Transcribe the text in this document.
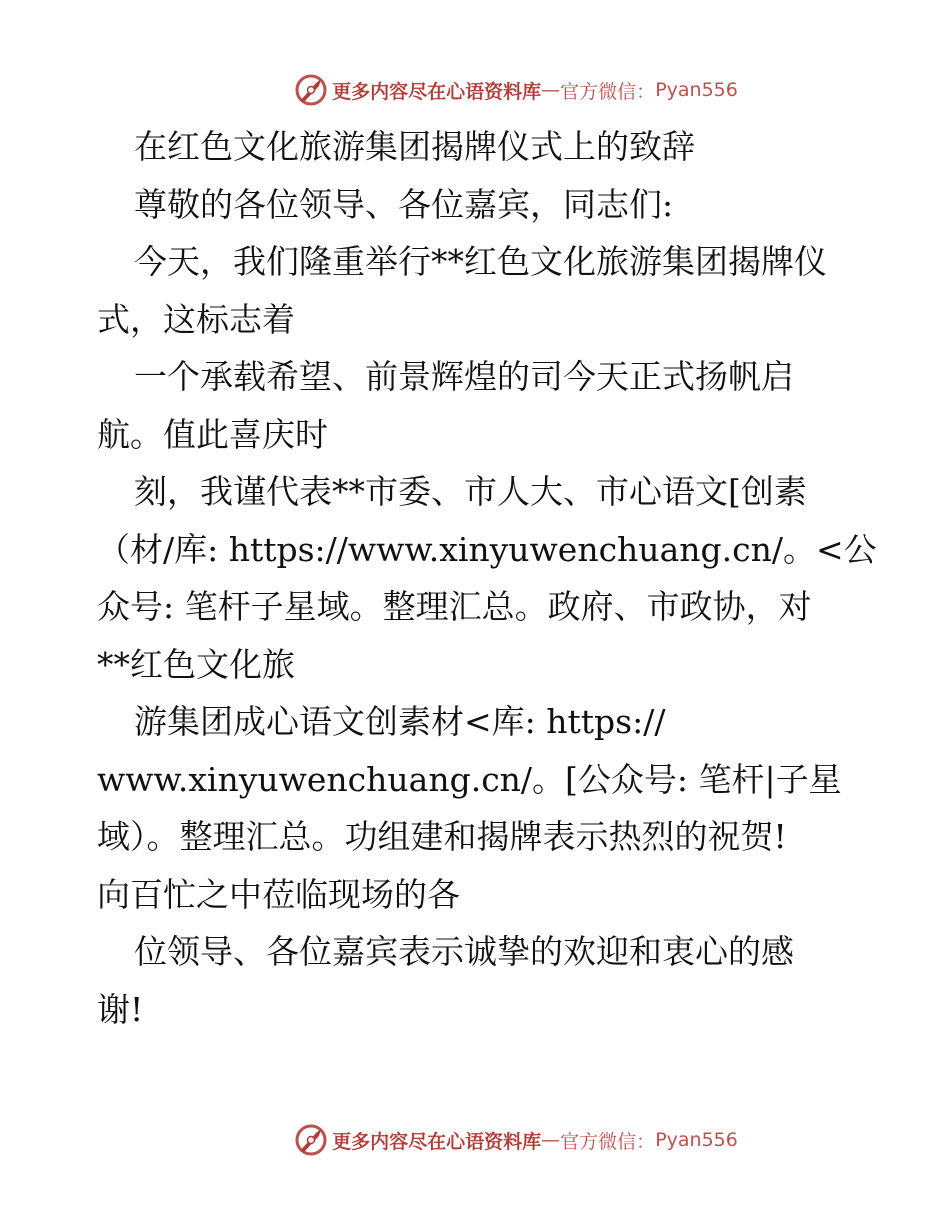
更多内容尽在心语资料库 — 官方微信： Pyan556

在红色文化旅游集团揭牌仪式上的致辞

尊敬的各位领导、各位嘉宾，同志们:

今天，我们隆重举行**红色文化旅游集团揭牌仪

式，这标志着

一个承载希望、前景辉煌的司今天正式扬帆启

航。值此喜庆时

刻，我谨代表**市委、市人大、市心语文[创素

（材/库: https://www.xinyuwenchuang.cn/。<公

众号: 笔杆子星域。整理汇总。政府、市政协，对

**红色文化旅

游集团成心语文创素材<库: https://

www.xinyuwenchuang.cn/。[公众号: 笔杆|子星

域）。整理汇总。功组建和揭牌表示热烈的祝贺!

向百忙之中莅临现场的各

位领导、各位嘉宾表示诚挚的欢迎和衷心的感

谢!

更多内容尽在心语资料库 — 官方微信： Pyan556
